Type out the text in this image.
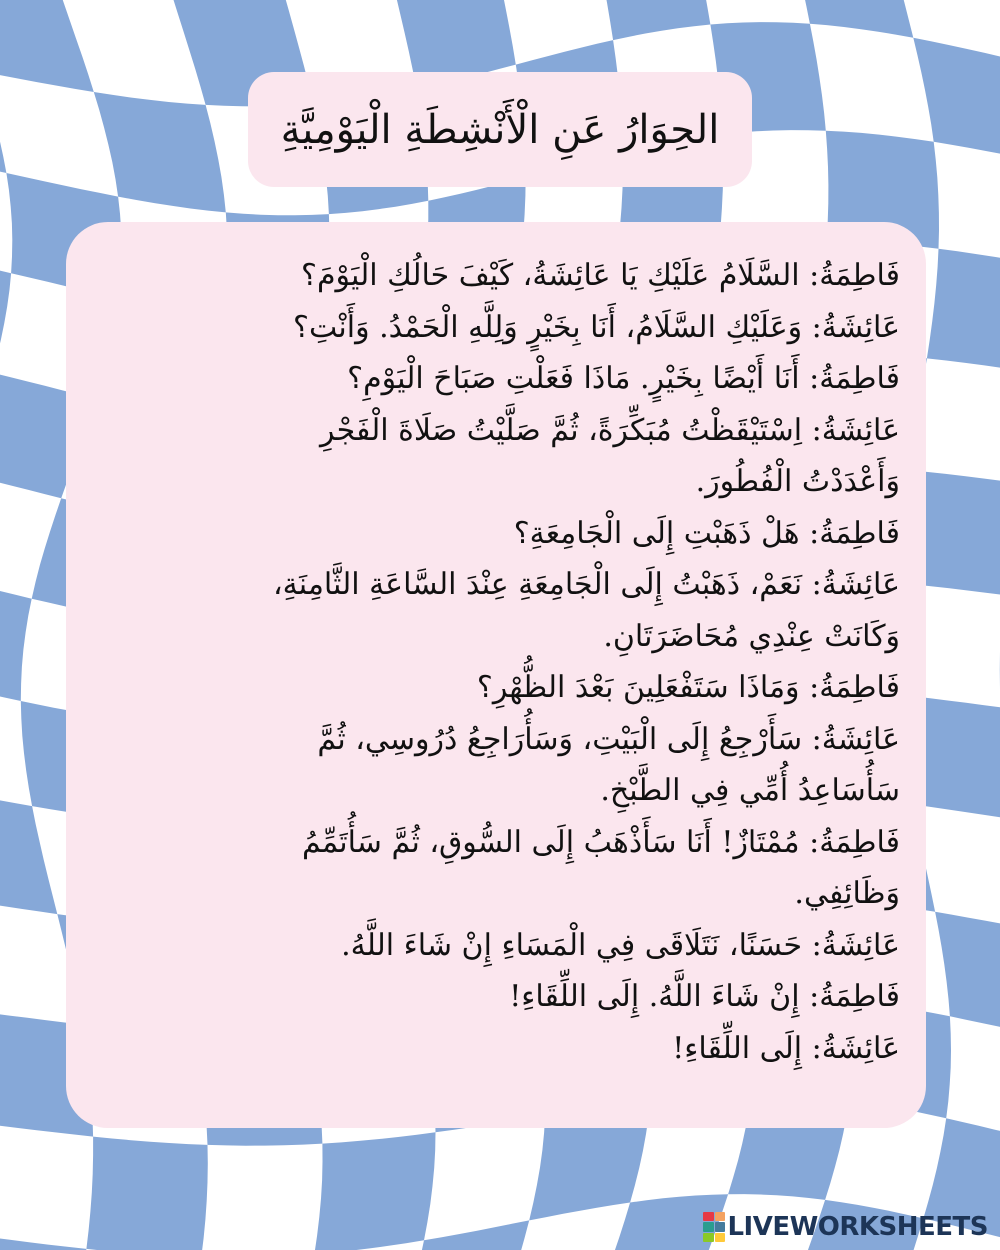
الحِوَارُ عَنِ الْأَنْشِطَةِ الْيَوْمِيَّةِ
فَاطِمَةُ: السَّلَامُ عَلَيْكِ يَا عَائِشَةُ، كَيْفَ حَالُكِ الْيَوْمَ؟
عَائِشَةُ: وَعَلَيْكِ السَّلَامُ، أَنَا بِخَيْرٍ وَلِلَّهِ الْحَمْدُ. وَأَنْتِ؟
فَاطِمَةُ: أَنَا أَيْضًا بِخَيْرٍ. مَاذَا فَعَلْتِ صَبَاحَ الْيَوْمِ؟
عَائِشَةُ: اِسْتَيْقَظْتُ مُبَكِّرَةً، ثُمَّ صَلَّيْتُ صَلَاةَ الْفَجْرِ وَأَعْدَدْتُ الْفُطُورَ.
فَاطِمَةُ: هَلْ ذَهَبْتِ إِلَى الْجَامِعَةِ؟
عَائِشَةُ: نَعَمْ، ذَهَبْتُ إِلَى الْجَامِعَةِ عِنْدَ السَّاعَةِ الثَّامِنَةِ، وَكَانَتْ عِنْدِي مُحَاضَرَتَانِ.
فَاطِمَةُ: وَمَاذَا سَتَفْعَلِينَ بَعْدَ الظُّهْرِ؟
عَائِشَةُ: سَأَرْجِعُ إِلَى الْبَيْتِ، وَسَأُرَاجِعُ دُرُوسِي، ثُمَّ سَأُسَاعِدُ أُمِّي فِي الطَّبْخِ.
فَاطِمَةُ: مُمْتَازٌ! أَنَا سَأَذْهَبُ إِلَى السُّوقِ، ثُمَّ سَأُتَمِّمُ وَظَائِفِي.
عَائِشَةُ: حَسَنًا، نَتَلَاقَى فِي الْمَسَاءِ إِنْ شَاءَ اللَّهُ.
فَاطِمَةُ: إِنْ شَاءَ اللَّهُ. إِلَى اللِّقَاءِ!
عَائِشَةُ: إِلَى اللِّقَاءِ!
LIVEWORKSHEETS
